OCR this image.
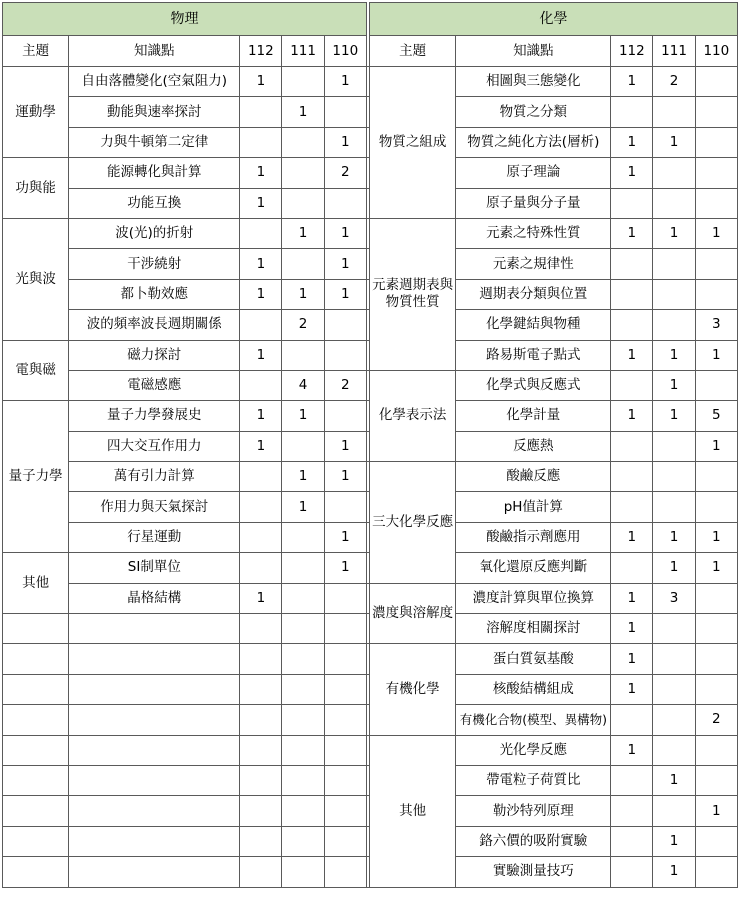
物理						化學				
主題	知識點	112	111	110		主題	知識點	112	111	110
運動學	自由落體變化(空氣阻力)	1		1		物質之組成	相圖與三態變化	1	2	
	動能與速率探討		1				物質之分類			
	力與牛頓第二定律			1			物質之純化方法(層析)	1	1	
功與能	能源轉化與計算	1		2			原子理論	1		
	功能互換	1					原子量與分子量			
光與波	波(光)的折射		1	1		元素週期表與物質性質	元素之特殊性質	1	1	1
	干涉繞射	1		1			元素之規律性			
	都卜勒效應	1	1	1			週期表分類與位置			
	波的頻率波長週期關係		2				化學鍵結與物種			3
電與磁	磁力探討	1					路易斯電子點式	1	1	1
	電磁感應		4	2		化學表示法	化學式與反應式		1	
量子力學	量子力學發展史	1	1				化學計量	1	1	5
	四大交互作用力	1		1			反應熱			1
	萬有引力計算		1	1		三大化學反應	酸鹼反應			
	作用力與天氣探討		1				pH值計算			
	行星運動			1			酸鹼指示劑應用	1	1	1
其他	SI制單位			1			氧化還原反應判斷		1	1
	晶格結構	1				濃度與溶解度	濃度計算與單位換算	1	3	
							溶解度相關探討	1		
						有機化學	蛋白質氨基酸	1		
							核酸結構組成	1		
							有機化合物(模型、異構物)			2
						其他	光化學反應	1		
							帶電粒子荷質比		1	
							勒沙特列原理			1
							鉻六價的吸附實驗		1	
							實驗測量技巧		1	
